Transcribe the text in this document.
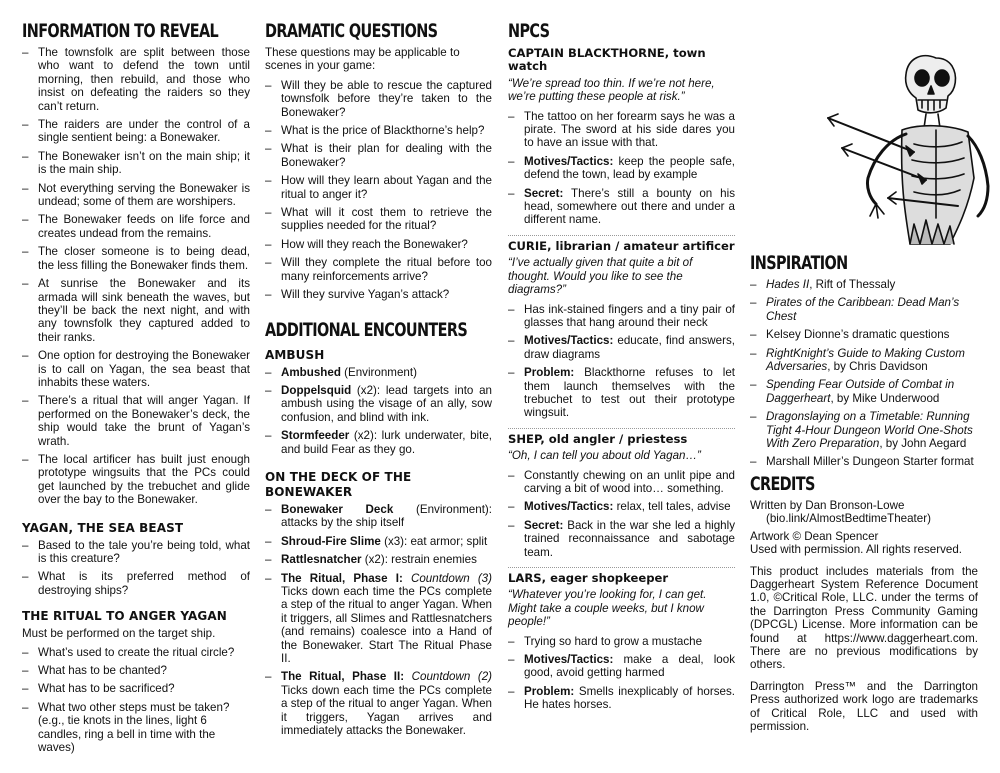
INFORMATION TO REVEAL
– The townsfolk are split between those who want to defend the town until morning, then rebuild, and those who insist on defeating the raiders so they can’t return.
– The raiders are under the control of a single sentient being: a Bonewaker.
– The Bonewaker isn’t on the main ship; it is the main ship.
– Not everything serving the Bonewaker is undead; some of them are worshipers.
– The Bonewaker feeds on life force and creates undead from the remains.
– The closer someone is to being dead, the less filling the Bonewaker finds them.
– At sunrise the Bonewaker and its armada will sink beneath the waves, but they’ll be back the next night, and with any townsfolk they captured added to their ranks.
– One option for destroying the Bonewaker is to call on Yagan, the sea beast that inhabits these waters.
– There’s a ritual that will anger Yagan. If performed on the Bonewaker’s deck, the ship would take the brunt of Yagan’s wrath.
– The local artificer has built just enough prototype wingsuits that the PCs could get launched by the trebuchet and glide over the bay to the Bonewaker.
YAGAN, THE SEA BEAST
– Based to the tale you’re being told, what is this creature?
– What is its preferred method of destroying ships?
THE RITUAL TO ANGER YAGAN

Must be performed on the target ship.

– What’s used to create the ritual circle?
– What has to be chanted?
– What has to be sacrificed?
– What two other steps must be taken? (e.g., tie knots in the lines, light 6 candles, ring a bell in time with the waves)
DRAMATIC QUESTIONS

These questions may be applicable to scenes in your game:

– Will they be able to rescue the captured townsfolk before they’re taken to the Bonewaker?
– What is the price of Blackthorne’s help?
– What is their plan for dealing with the Bonewaker?
– How will they learn about Yagan and the ritual to anger it?
– What will it cost them to retrieve the supplies needed for the ritual?
– How will they reach the Bonewaker?
– Will they complete the ritual before too many reinforcements arrive?
– Will they survive Yagan’s attack?
ADDITIONAL ENCOUNTERS
AMBUSH
– Ambushed (Environment)
– Doppelsquid (x2): lead targets into an ambush using the visage of an ally, sow confusion, and blind with ink.
– Stormfeeder (x2): lurk underwater, bite, and build Fear as they go.
ON THE DECK OF THE BONEWAKER
– Bonewaker Deck (Environment): attacks by the ship itself
– Shroud-Fire Slime (x3): eat armor; split
– Rattlesnatcher (x2): restrain enemies
– The Ritual, Phase I: Countdown (3) Ticks down each time the PCs complete a step of the ritual to anger Yagan. When it triggers, all Slimes and Rattlesnatchers (and remains) coalesce into a Hand of the Bonewaker. Start The Ritual Phase II.
– The Ritual, Phase II: Countdown (2) Ticks down each time the PCs complete a step of the ritual to anger Yagan. When it triggers, Yagan arrives and immediately attacks the Bonewaker.
NPCS
CAPTAIN BLACKTHORNE, town watch
“We’re spread too thin. If we’re not here, we’re putting these people at risk.”
– The tattoo on her forearm says he was a pirate. The sword at his side dares you to have an issue with that.
– Motives/Tactics: keep the people safe, defend the town, lead by example
– Secret: There’s still a bounty on his head, somewhere out there and under a different name.
CURIE, librarian / amateur artificer
“I’ve actually given that quite a bit of thought. Would you like to see the diagrams?”
– Has ink-stained fingers and a tiny pair of glasses that hang around their neck
– Motives/Tactics: educate, find answers, draw diagrams
– Problem: Blackthorne refuses to let them launch themselves with the trebuchet to test out their prototype wingsuit.
SHEP, old angler / priestess
“Oh, I can tell you about old Yagan…”
– Constantly chewing on an unlit pipe and carving a bit of wood into… something.
– Motives/Tactics: relax, tell tales, advise
– Secret: Back in the war she led a highly trained reconnaissance and sabotage team.
LARS, eager shopkeeper
“Whatever you’re looking for, I can get. Might take a couple weeks, but I know people!”
– Trying so hard to grow a mustache
– Motives/Tactics: make a deal, look good, avoid getting harmed
– Problem: Smells inexplicably of horses. He hates horses.
INSPIRATION
– Hades II, Rift of Thessaly
– Pirates of the Caribbean: Dead Man’s Chest
– Kelsey Dionne’s dramatic questions
– RightKnight’s Guide to Making Custom Adversaries, by Chris Davidson
– Spending Fear Outside of Combat in Daggerheart, by Mike Underwood
– Dragonslaying on a Timetable: Running Tight 4-Hour Dungeon World One-Shots With Zero Preparation, by John Aegard
– Marshall Miller’s Dungeon Starter format
CREDITS

Written by Dan Bronson-Lowe

(bio.link/AlmostBedtimeTheater)

Artwork © Dean Spencer

Used with permission. All rights reserved.

This product includes materials from the Daggerheart System Reference Document 1.0, ©Critical Role, LLC. under the terms of the Darrington Press Community Gaming (DPCGL) License. More information can be found at https://www.daggerheart.com. There are no previous modifications by others.

Darrington Press™ and the Darrington Press authorized work logo are trademarks of Critical Role, LLC and used with permission.
